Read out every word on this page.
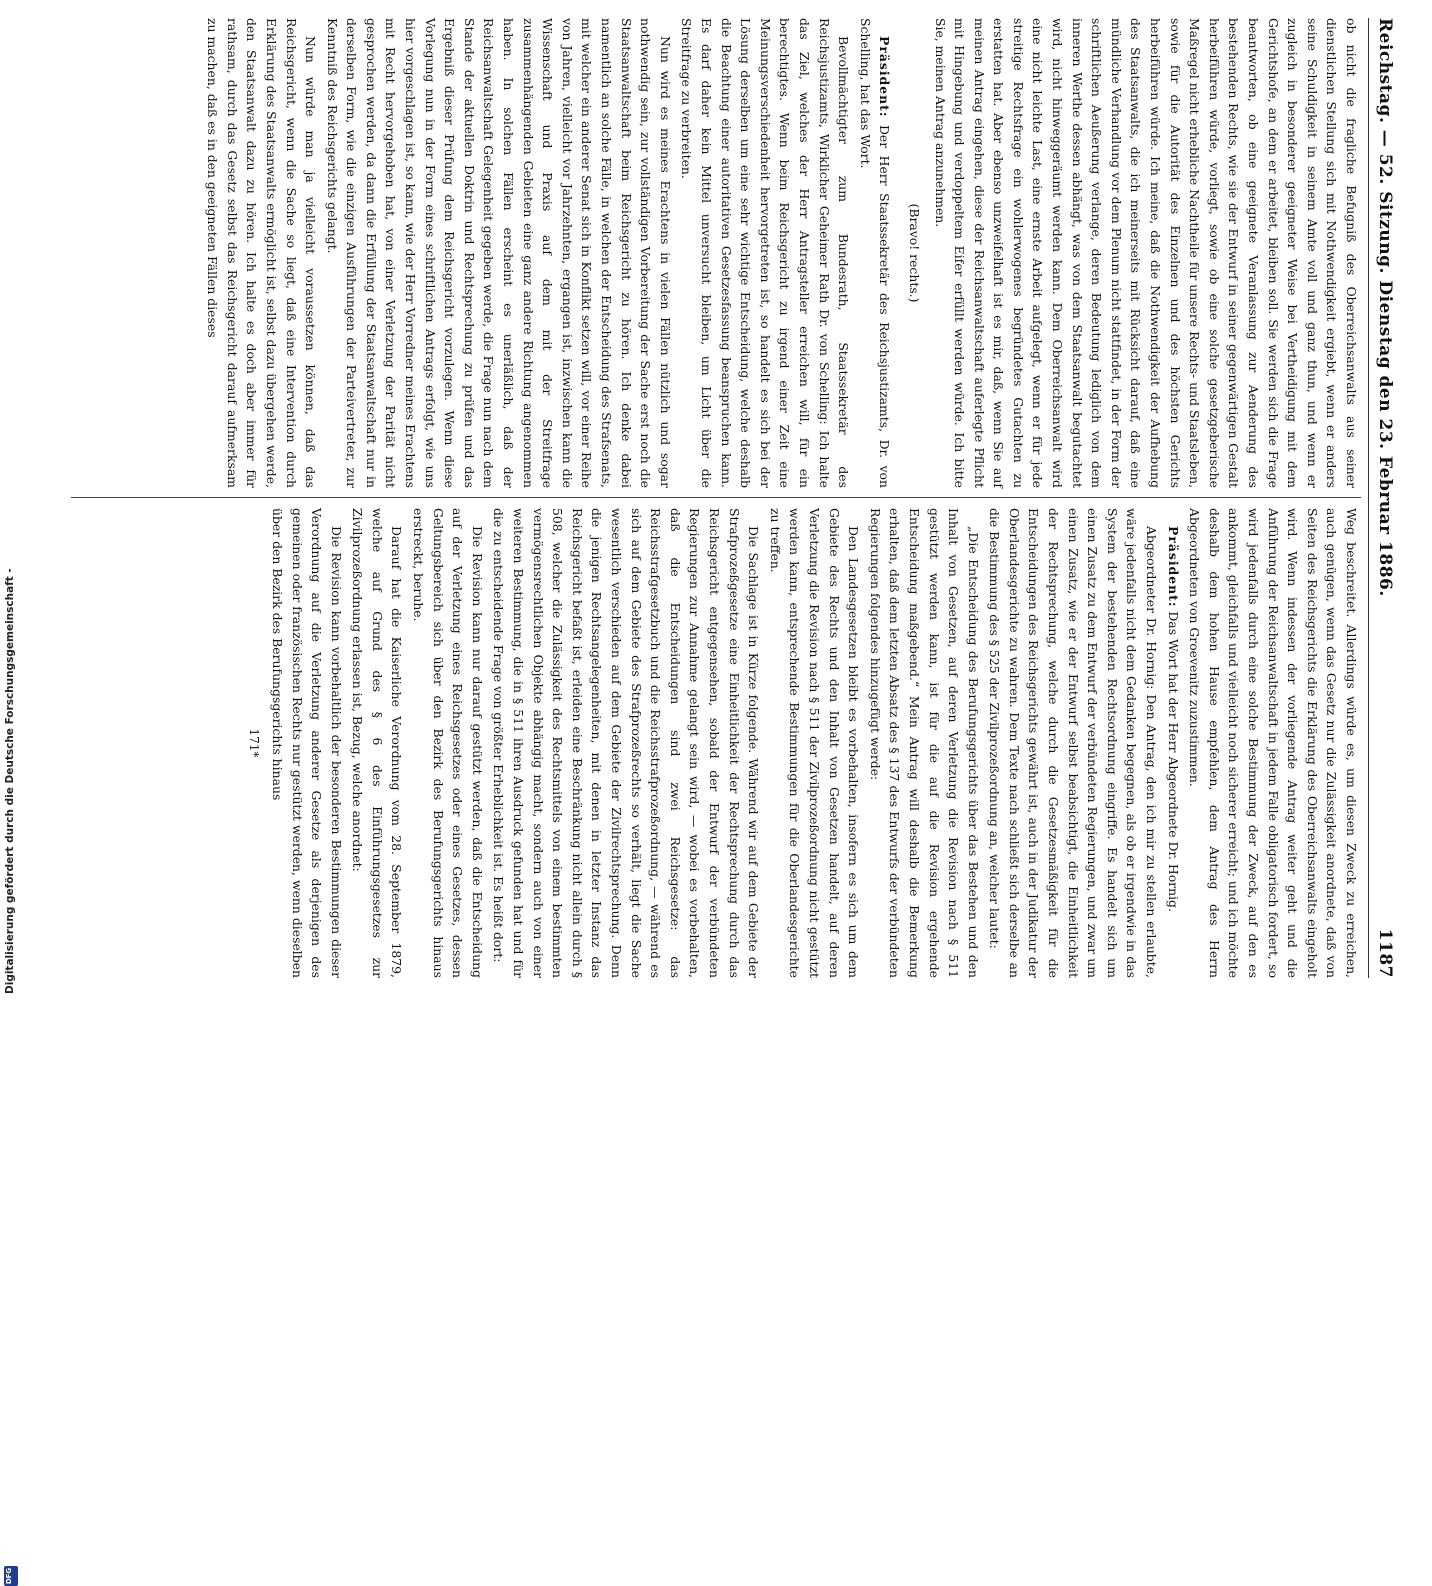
Reichstag. — 52. Sitzung. Dienstag den 23. Februar 1886.
1187

ob nicht die fragliche Befugniß des Oberreichsanwalts aus seiner dienstlichen Stellung sich mit Nothwendigkeit ergiebt, wenn er anders seine Schuldigkeit in seinem Amte voll und ganz thun, und wenn er zugleich in besonderer geeigneter Weise bei Vertheidigung mit dem Gerichtshofe, an dem er arbeitet, bleiben soll. Sie werden sich die Frage beantworten, ob eine geeignete Veranlassung zur Aenderung des bestehenden Rechts, wie sie der Entwurf in seiner gegenwärtigen Gestalt herbeiführen würde, vorliegt, sowie ob eine solche gesetzgeberische Maßregel nicht erhebliche Nachtheile für unsere Rechts- und Staatsleben, sowie für die Autorität des Einzelnen und des höchsten Gerichts herbeiführen würde. Ich meine, daß die Nothwendigkeit der Aufhebung des Staatsanwalts, die ich meinerseits mit Rücksicht darauf, daß eine mündliche Verhandlung vor dem Plenum nicht stattfindet, in der Form der schriftlichen Aeußerung verlange, deren Bedeutung lediglich von dem inneren Werthe dessen abhängt, was von dem Staatsanwalt begutachtet wird, nicht hinweggeräumt werden kann. Dem Oberreichsanwalt wird eine nicht leichte Last, eine ernste Arbeit aufgelegt, wenn er für jede streitige Rechtsfrage ein wohlerwogenes begründetes Gutachten zu erstatten hat. Aber ebenso unzweifelhaft ist es mir, daß, wenn Sie auf meinen Antrag eingehen, diese der Reichsanwaltschaft auferlegte Pflicht mit Hingebung und verdoppeltem Eifer erfüllt werden würde. Ich bitte Sie, meinen Antrag anzunehmen.

(Bravo! rechts.)

Präsident: Der Herr Staatssekretär des Reichsjustizamts, Dr. von Schelling, hat das Wort.

Bevollmächtigter zum Bundesrath, Staatssekretär des Reichsjustizamts, Wirklicher Geheimer Rath Dr. von Schelling: Ich halte das Ziel, welches der Herr Antragsteller erreichen will, für ein berechtigtes. Wenn beim Reichsgericht zu irgend einer Zeit eine Meinungsverschiedenheit hervorgetreten ist, so handelt es sich bei der Lösung derselben um eine sehr wichtige Entscheidung, welche deshalb die Beachtung einer autoritativen Gesetzesfassung beanspruchen kann. Es darf daher kein Mittel unversucht bleiben, um Licht über die Streitfrage zu verbreiten.

Nun wird es meines Erachtens in vielen Fällen nützlich und sogar nothwendig sein, zur vollständigen Vorbereitung der Sache erst noch die Staatsanwaltschaft beim Reichsgericht zu hören. Ich denke dabei namentlich an solche Fälle, in welchen der Entscheidung des Strafsenats, mit welcher ein anderer Senat sich in Konflikt setzen will, vor einer Reihe von Jahren, vielleicht vor Jahrzehnten, ergangen ist, inzwischen kann die Wissenschaft und Praxis auf dem mit der Streitfrage zusammenhängenden Gebieten eine ganz andere Richtung angenommen haben. In solchen Fällen erscheint es unerläßlich, daß der Reichsanwaltschaft Gelegenheit gegeben werde, die Frage nun nach dem Stande der aktuellen Doktrin und Rechtsprechung zu prüfen und das Ergebniß dieser Prüfung dem Reichsgericht vorzulegen. Wenn diese Vorlegung nun in der Form eines schriftlichen Antrags erfolgt, wie uns hier vorgeschlagen ist, so kann, wie der Herr Vorredner meines Erachtens mit Recht hervorgehoben hat, von einer Verletzung der Parität nicht gesprochen werden, da dann die Erfüllung der Staatsanwaltschaft nur in derselben Form, wie die einzigen Ausführungen der Parteivertreter, zur Kenntniß des Reichsgerichts gelangt.

Nun würde man ja vielleicht voraussetzen können, daß das Reichsgericht, wenn die Sache so liegt, daß eine Intervention durch Erklärung des Staatsanwalts ermöglicht ist, selbst dazu übergehen werde, den Staatsanwalt dazu zu hören. Ich halte es doch aber immer für rathsam, durch das Gesetz selbst das Reichsgericht darauf aufmerksam zu machen, daß es in den geeigneten Fällen dieses

Weg beschreitet. Allerdings würde es, um diesen Zweck zu erreichen, auch genügen, wenn das Gesetz nur die Zulässigkeit anordnete, daß von Seiten des Reichsgerichts die Erklärung des Oberreichsanwalts eingeholt wird. Wenn indessen der vorliegende Antrag weiter geht und die Anführung der Reichsanwaltschaft in jedem Falle obligatorisch fordert, so wird jedenfalls durch eine solche Bestimmung der Zweck, auf den es ankommt, gleichfalls und vielleicht noch sicherer erreicht; und ich möchte deshalb dem hohen Hause empfehlen, dem Antrag des Herrn Abgeordneten von Groevenitz zuzustimmen.

Präsident: Das Wort hat der Herr Abgeordnete Dr. Hornig.

Abgeordneter Dr. Hornig: Den Antrag, den ich mir zu stellen erlaubte, wäre jedenfalls nicht dem Gedanken begegnen, als ob er irgendwie in das System der bestehenden Rechtsordnung eingriffe. Es handelt sich um einen Zusatz zu dem Entwurf der verbündeten Regierungen, und zwar um einen Zusatz, wie er der Entwurf selbst beabsichtigt, die Einheitlichkeit der Rechtsprechung, welche durch die Gesetzesmäßigkeit für die Entscheidungen des Reichsgerichts gewährt ist, auch in der Judikatur der Oberlandesgerichte zu wahren. Dem Texte nach schließt sich derselbe an die Bestimmung des § 525 der Zivilprozeßordnung an, welcher lautet:

„Die Entscheidung des Berufungsgerichts über das Bestehen und den Inhalt von Gesetzen, auf deren Verletzung die Revision nach § 511 gestützt werden kann, ist für die auf die Revision ergehende Entscheidung maßgebend.“ Mein Antrag will deshalb die Bemerkung erhalten, daß dem letzten Absatz des § 137 des Entwurfs der verbündeten Regierungen folgendes hinzugefügt werde:

Den Landesgesetzen bleibt es vorbehalten, insofern es sich um dem Gebiete des Rechts und den Inhalt von Gesetzen handelt, auf deren Verletzung die Revision nach § 511 der Zivilprozeßordnung nicht gestützt werden kann, entsprechende Bestimmungen für die Oberlandesgerichte zu treffen.

Die Sachlage ist in Kürze folgende. Während wir auf dem Gebiete der Strafprozeßgesetze eine Einheitlichkeit der Rechtsprechung durch das Reichsgericht entgegensehen, sobald der Entwurf der verbündeten Regierungen zur Annahme gelangt sein wird, — wobei es vorbehalten, daß die Entscheidungen sind zwei Reichsgesetze: das Reichsstrafgesetzbuch und die Reichsstrafprozeßordnung, — während es sich auf dem Gebiete des Strafprozeßrechts so verhält, liegt die Sache wesentlich verschieden auf dem Gebiete der Zivilrechtsprechung. Denn die jenigen Rechtsangelegenheiten, mit denen in letzter Instanz das Reichsgericht befaßt ist, erleiden eine Beschränkung nicht allein durch § 508, welcher die Zulässigkeit des Rechtsmittels von einem bestimmten vermögensrechtlichen Objekte abhängig macht, sondern auch von einer weiteren Bestimmung, die in § 511 ihren Ausdruck gefunden hat und für die zu entscheidende Frage von größter Erheblichkeit ist. Es heißt dort:

Die Revision kann nur darauf gestützt werden, daß die Entscheidung auf der Verletzung eines Reichsgesetzes oder eines Gesetzes, dessen Geltungsbereich sich über den Bezirk des Berufungsgerichts hinaus erstreckt, beruhe.

Darauf hat die Kaiserliche Verordnung vom 28. September 1879, welche auf Grund des § 6 des Einführungsgesetzes zur Zivilprozeßordnung erlassen ist, Bezug, welche anordnet:

Die Revision kann vorbehaltlich der besonderen Bestimmungen dieser Verordnung auf die Verletzung anderer Gesetze als derjenigen des gemeinen oder französischen Rechts nur gestützt werden, wenn dieselben über den Bezirk des Berufungsgerichts hinaus

171*
Digitalisierung gefördert durch die Deutsche Forschungsgemeinschaft -
DFG
